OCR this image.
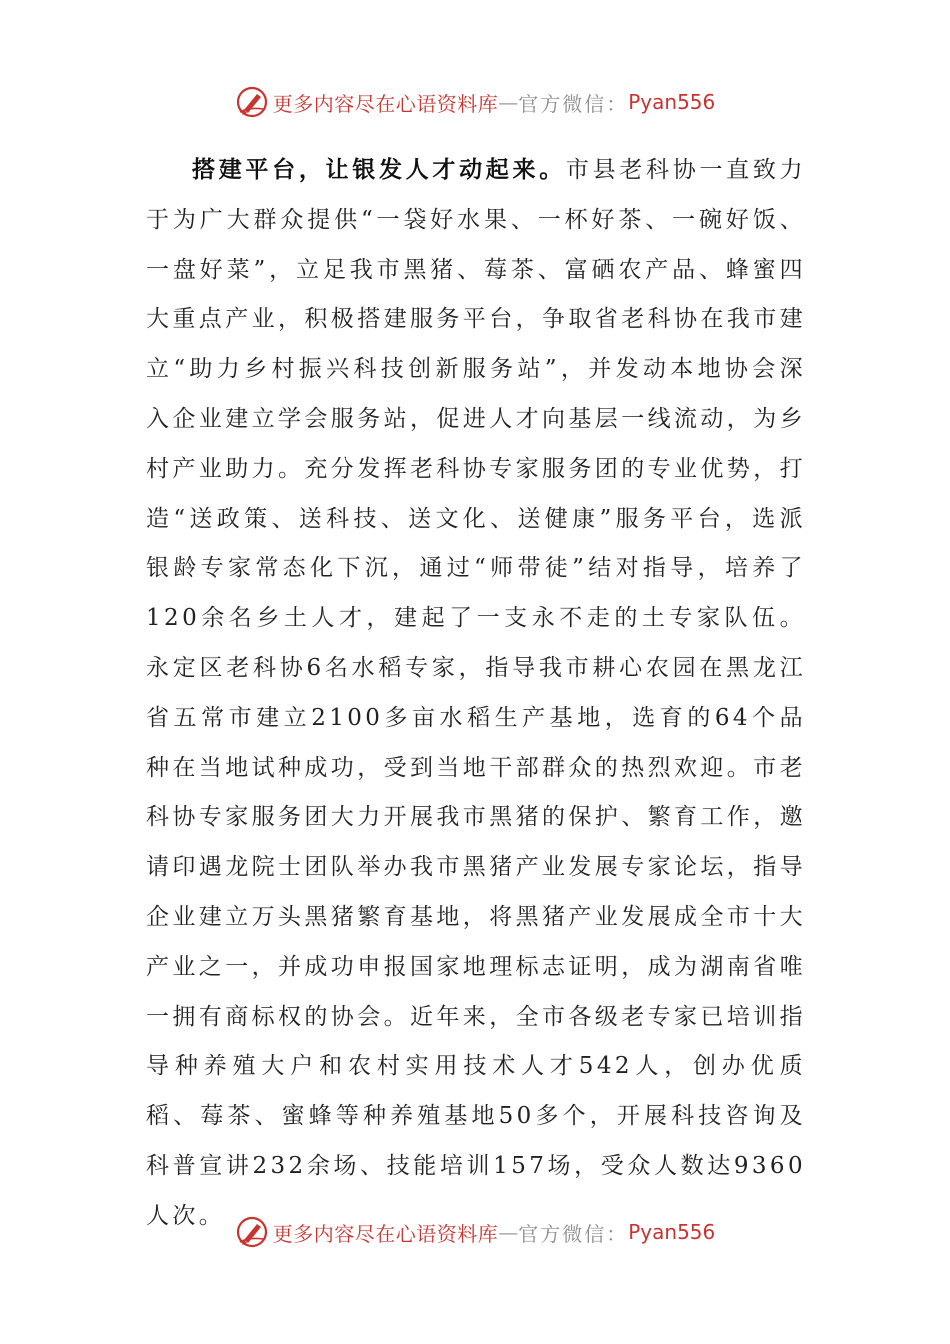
更多内容尽在心语资料库 — 官方微信： Pyan556
搭建平台，让银发人才动起来。市县老科协一直致力于为广大群众提供“一袋好水果、一杯好茶、一碗好饭、一盘好菜”，立足我市黑猪、莓茶、富硒农产品、蜂蜜四大重点产业，积极搭建服务平台，争取省老科协在我市建立“助力乡村振兴科技创新服务站”，并发动本地协会深入企业建立学会服务站，促进人才向基层一线流动，为乡村产业助力。充分发挥老科协专家服务团的专业优势，打造“送政策、送科技、送文化、送健康”服务平台，选派银龄专家常态化下沉，通过“师带徒”结对指导，培养了120余名乡土人才，建起了一支永不走的土专家队伍。永定区老科协6名水稻专家，指导我市耕心农园在黑龙江省五常市建立2100多亩水稻生产基地，选育的64个品种在当地试种成功，受到当地干部群众的热烈欢迎。市老科协专家服务团大力开展我市黑猪的保护、繁育工作，邀请印遇龙院士团队举办我市黑猪产业发展专家论坛，指导企业建立万头黑猪繁育基地，将黑猪产业发展成全市十大产业之一，并成功申报国家地理标志证明，成为湖南省唯一拥有商标权的协会。近年来，全市各级老专家已培训指导种养殖大户和农村实用技术人才542人，创办优质稻、莓茶、蜜蜂等种养殖基地50多个，开展科技咨询及科普宣讲232余场、技能培训157场，受众人数达9360人次。
更多内容尽在心语资料库 — 官方微信： Pyan556
